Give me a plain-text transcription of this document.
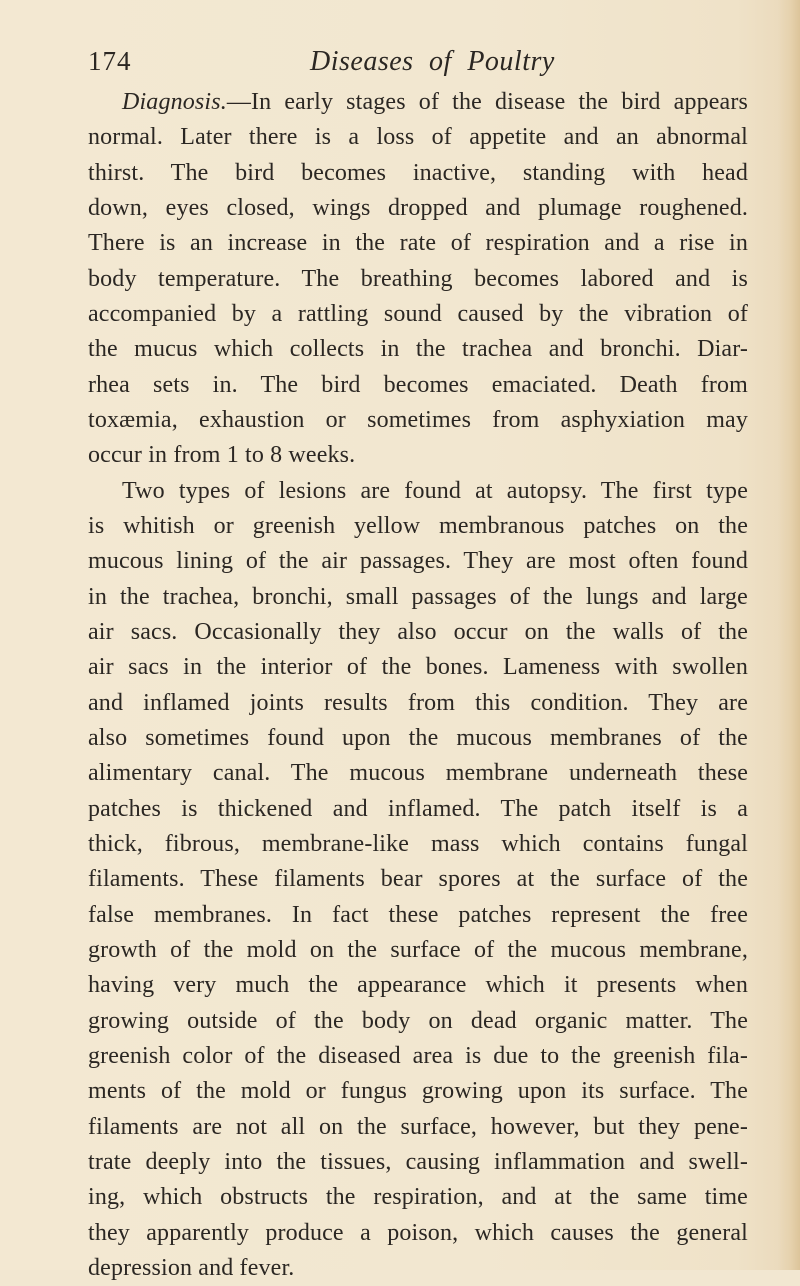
174	Diseases of Poultry
Diagnosis.—In early stages of the disease the bird appears
normal. Later there is a loss of appetite and an abnormal
thirst. The bird becomes inactive, standing with head
down, eyes closed, wings dropped and plumage roughened.
There is an increase in the rate of respiration and a rise in
body temperature. The breathing becomes labored and is
accompanied by a rattling sound caused by the vibration of
the mucus which collects in the trachea and bronchi. Diar-
rhea sets in. The bird becomes emaciated. Death from
toxæmia, exhaustion or sometimes from asphyxiation may
occur in from 1 to 8 weeks.
Two types of lesions are found at autopsy. The first type
is whitish or greenish yellow membranous patches on the
mucous lining of the air passages. They are most often found
in the trachea, bronchi, small passages of the lungs and large
air sacs. Occasionally they also occur on the walls of the
air sacs in the interior of the bones. Lameness with swollen
and inflamed joints results from this condition. They are
also sometimes found upon the mucous membranes of the
alimentary canal. The mucous membrane underneath these
patches is thickened and inflamed. The patch itself is a
thick, fibrous, membrane-like mass which contains fungal
filaments. These filaments bear spores at the surface of the
false membranes. In fact these patches represent the free
growth of the mold on the surface of the mucous membrane,
having very much the appearance which it presents when
growing outside of the body on dead organic matter. The
greenish color of the diseased area is due to the greenish fila-
ments of the mold or fungus growing upon its surface. The
filaments are not all on the surface, however, but they pene-
trate deeply into the tissues, causing inflammation and swell-
ing, which obstructs the respiration, and at the same time
they apparently produce a poison, which causes the general
depression and fever.
